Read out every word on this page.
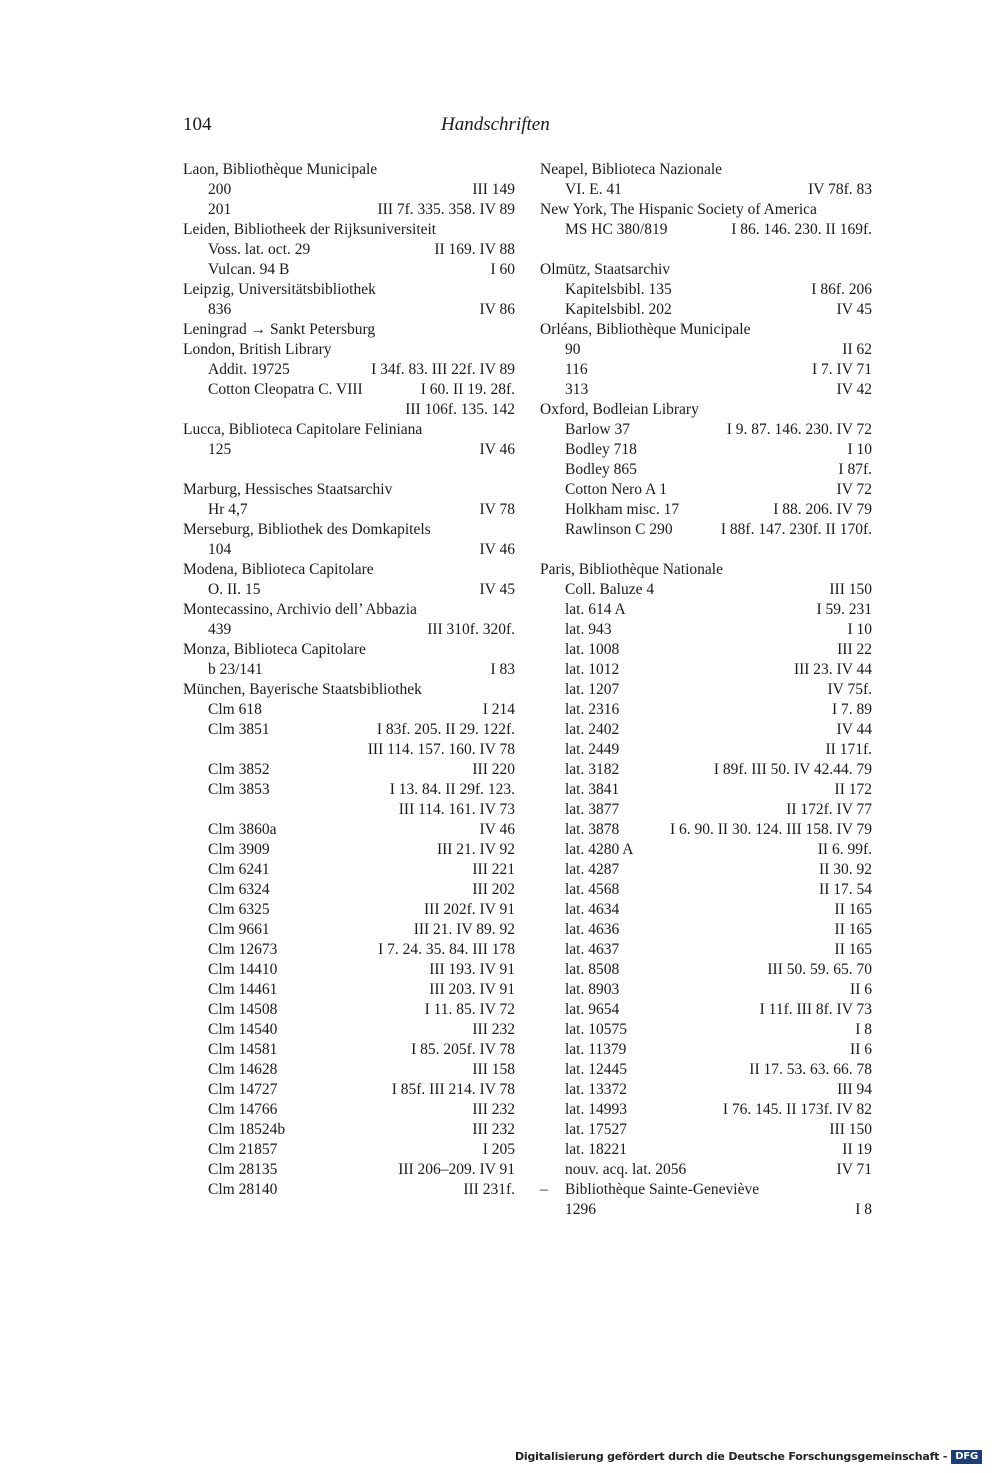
104	Handschriften
Laon, Bibliothèque Municipale
200	III 149
201	III 7f. 335. 358. IV 89
Leiden, Bibliotheek der Rijksuniversiteit
Voss. lat. oct. 29	II 169. IV 88
Vulcan. 94 B	I 60
Leipzig, Universitätsbibliothek
836	IV 86
Leningrad → Sankt Petersburg
London, British Library
Addit. 19725	I 34f. 83. III 22f. IV 89
Cotton Cleopatra C. VIII	I 60. II 19. 28f.
III 106f. 135. 142
Lucca, Biblioteca Capitolare Feliniana
125	IV 46
Marburg, Hessisches Staatsarchiv
Hr 4,7	IV 78
Merseburg, Bibliothek des Domkapitels
104	IV 46
Modena, Biblioteca Capitolare
O. II. 15	IV 45
Montecassino, Archivio dell’ Abbazia
439	III 310f. 320f.
Monza, Biblioteca Capitolare
b 23/141	I 83
München, Bayerische Staatsbibliothek
Clm 618	I 214
Clm 3851	I 83f. 205. II 29. 122f.
III 114. 157. 160. IV 78
Clm 3852	III 220
Clm 3853	I 13. 84. II 29f. 123.
III 114. 161. IV 73
Clm 3860a	IV 46
Clm 3909	III 21. IV 92
Clm 6241	III 221
Clm 6324	III 202
Clm 6325	III 202f. IV 91
Clm 9661	III 21. IV 89. 92
Clm 12673	I 7. 24. 35. 84. III 178
Clm 14410	III 193. IV 91
Clm 14461	III 203. IV 91
Clm 14508	I 11. 85. IV 72
Clm 14540	III 232
Clm 14581	I 85. 205f. IV 78
Clm 14628	III 158
Clm 14727	I 85f. III 214. IV 78
Clm 14766	III 232
Clm 18524b	III 232
Clm 21857	I 205
Clm 28135	III 206–209. IV 91
Clm 28140	III 231f.
Neapel, Biblioteca Nazionale
VI. E. 41	IV 78f. 83
New York, The Hispanic Society of America
MS HC 380/819	I 86. 146. 230. II 169f.
Olmütz, Staatsarchiv
Kapitelsbibl. 135	I 86f. 206
Kapitelsbibl. 202	IV 45
Orléans, Bibliothèque Municipale
90	II 62
116	I 7. IV 71
313	IV 42
Oxford, Bodleian Library
Barlow 37	I 9. 87. 146. 230. IV 72
Bodley 718	I 10
Bodley 865	I 87f.
Cotton Nero A 1	IV 72
Holkham misc. 17	I 88. 206. IV 79
Rawlinson C 290	I 88f. 147. 230f. II 170f.
Paris, Bibliothèque Nationale
Coll. Baluze 4	III 150
lat. 614 A	I 59. 231
lat. 943	I 10
lat. 1008	III 22
lat. 1012	III 23. IV 44
lat. 1207	IV 75f.
lat. 2316	I 7. 89
lat. 2402	IV 44
lat. 2449	II 171f.
lat. 3182	I 89f. III 50. IV 42.44. 79
lat. 3841	II 172
lat. 3877	II 172f. IV 77
lat. 3878	I 6. 90. II 30. 124. III 158. IV 79
lat. 4280 A	II 6. 99f.
lat. 4287	II 30. 92
lat. 4568	II 17. 54
lat. 4634	II 165
lat. 4636	II 165
lat. 4637	II 165
lat. 8508	III 50. 59. 65. 70
lat. 8903	II 6
lat. 9654	I 11f. III 8f. IV 73
lat. 10575	I 8
lat. 11379	II 6
lat. 12445	II 17. 53. 63. 66. 78
lat. 13372	III 94
lat. 14993	I 76. 145. II 173f. IV 82
lat. 17527	III 150
lat. 18221	II 19
nouv. acq. lat. 2056	IV 71
– Bibliothèque Sainte-Geneviève
1296	I 8
Digitalisierung gefördert durch die Deutsche Forschungsgemeinschaft - DFG
